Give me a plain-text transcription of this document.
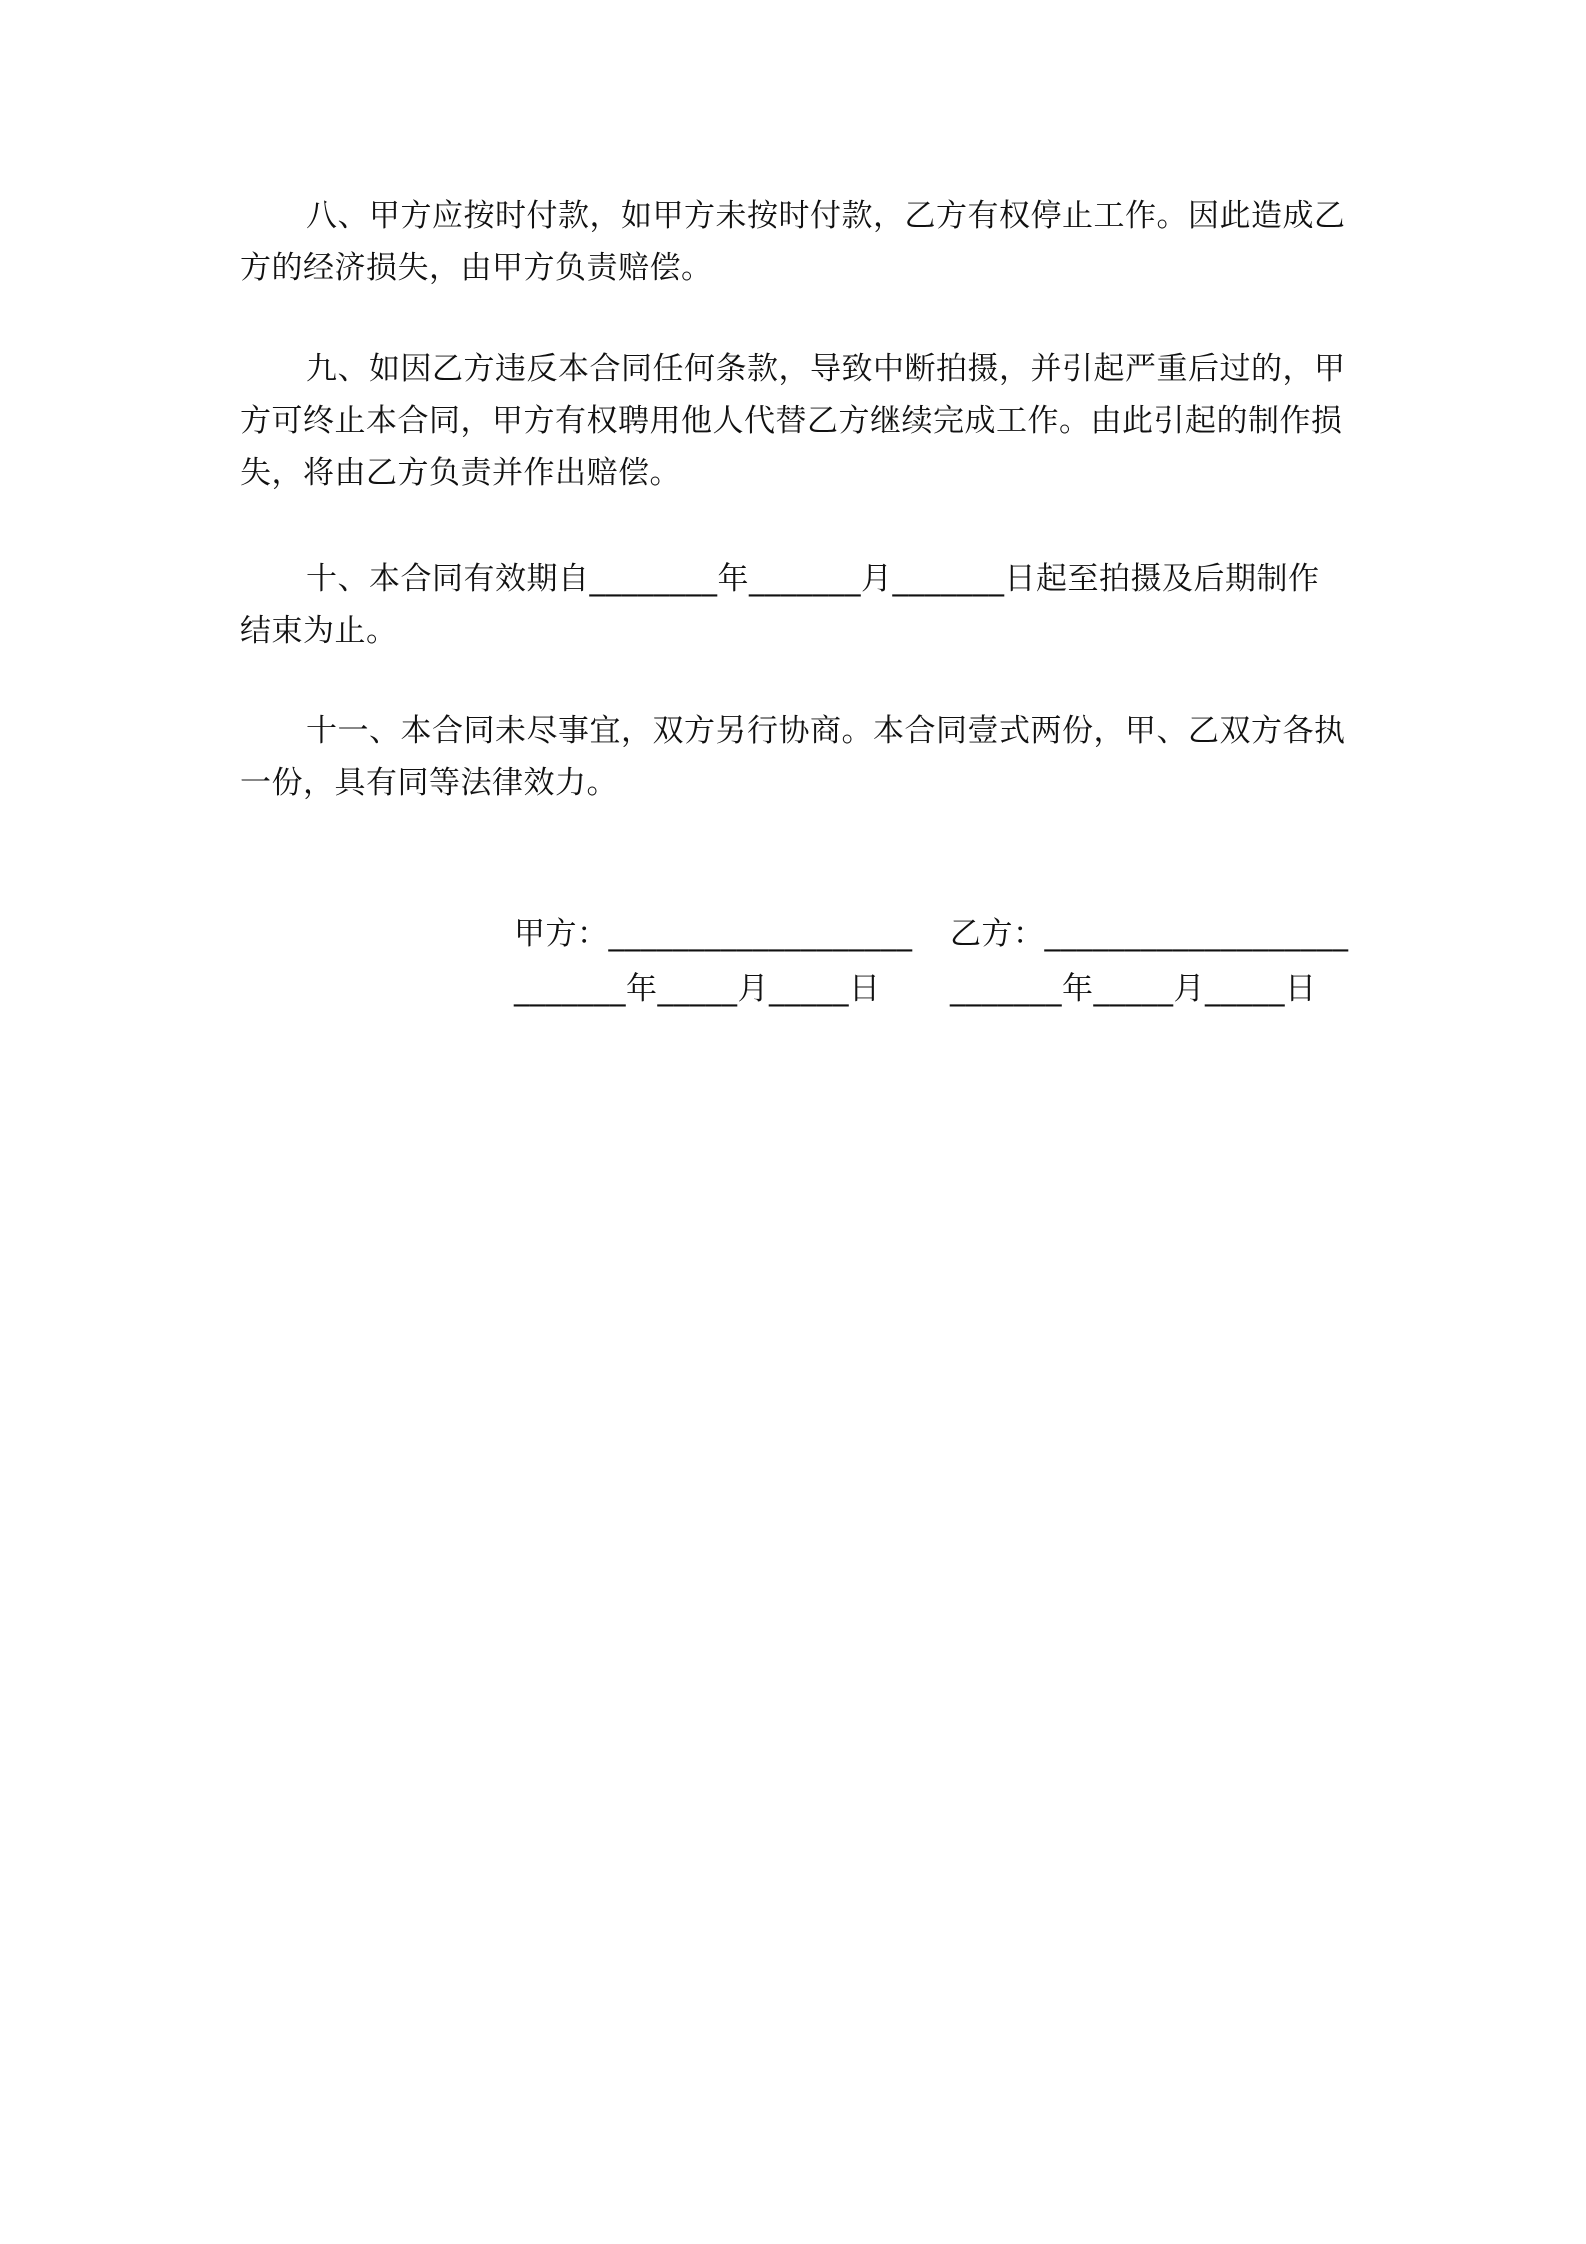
八、甲方应按时付款，如甲方未按时付款，乙方有权停止工作。因此造成乙方的经济损失，由甲方负责赔偿。

九、如因乙方违反本合同任何条款，导致中断拍摄，并引起严重后过的，甲方可终止本合同，甲方有权聘用他人代替乙方继续完成工作。由此引起的制作损失，将由乙方负责并作出赔偿。

十、本合同有效期自________年_______月_______日起至拍摄及后期制作结束为止。

十一、本合同未尽事宜，双方另行协商。本合同壹式两份，甲、乙双方各执一份，具有同等法律效力。

甲方：___________________ 乙方：___________________
_______年_____月_____日 _______年_____月_____日
